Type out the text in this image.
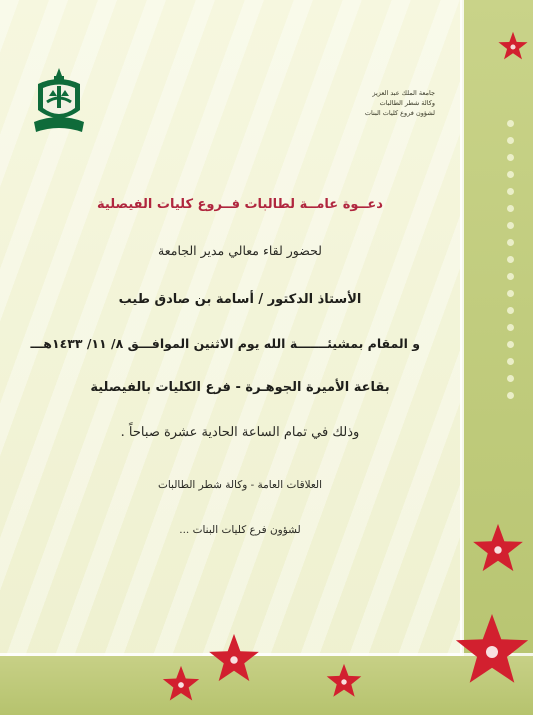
جامعة الملك عبد العزيز
وكالة شطر الطالبات
لشؤون فروع كليات البنات
دعــوة عامــة لطالبات فــروع كليات الفيصلية
لحضور لقاء معالي مدير الجامعة
الأستاذ الدكتور / أسامة بن صادق طيب
و المقام بمشيئـــــــة الله يوم الاثنين الموافـــق ٨/ ١١/ ١٤٣٣هـــ
بقاعة الأميرة الجوهـرة - فرع الكليات بالفيصلية
وذلك في تمام الساعة الحادية عشرة صباحاً .
العلاقات العامة - وكالة شطر الطالبات
لشؤون فرع كليات البنات ...
